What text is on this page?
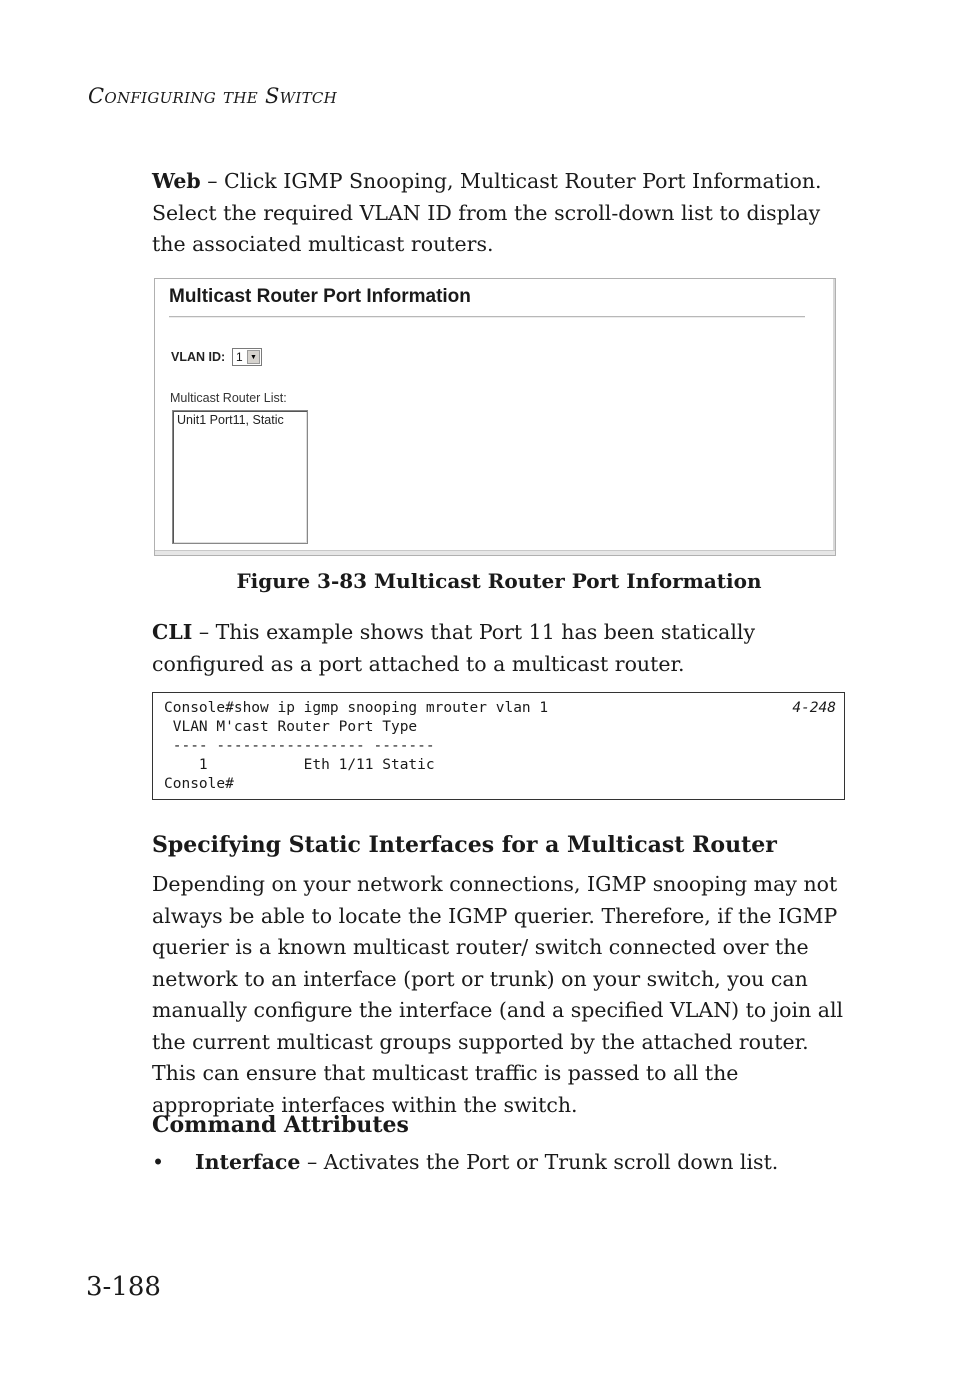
Configuring the Switch
Web – Click IGMP Snooping, Multicast Router Port Information. Select the required VLAN ID from the scroll-down list to display the associated multicast routers.
Multicast Router Port Information
VLAN ID: 1	▼
Multicast Router List:
Unit1 Port11, Static
Figure 3-83 Multicast Router Port Information
CLI – This example shows that Port 11 has been statically configured as a port attached to a multicast router.
Console#show ip igmp snooping mrouter vlan 1
VLAN M'cast Router Port Type
---- ----------------- -------
1           Eth 1/11 Static
Console#
4-248
Specifying Static Interfaces for a Multicast Router
Depending on your network connections, IGMP snooping may not always be able to locate the IGMP querier. Therefore, if the IGMP querier is a known multicast router/ switch connected over the network to an interface (port or trunk) on your switch, you can manually configure the interface (and a specified VLAN) to join all the current multicast groups supported by the attached router. This can ensure that multicast traffic is passed to all the appropriate interfaces within the switch.
Command Attributes
• Interface – Activates the Port or Trunk scroll down list.
3-188
